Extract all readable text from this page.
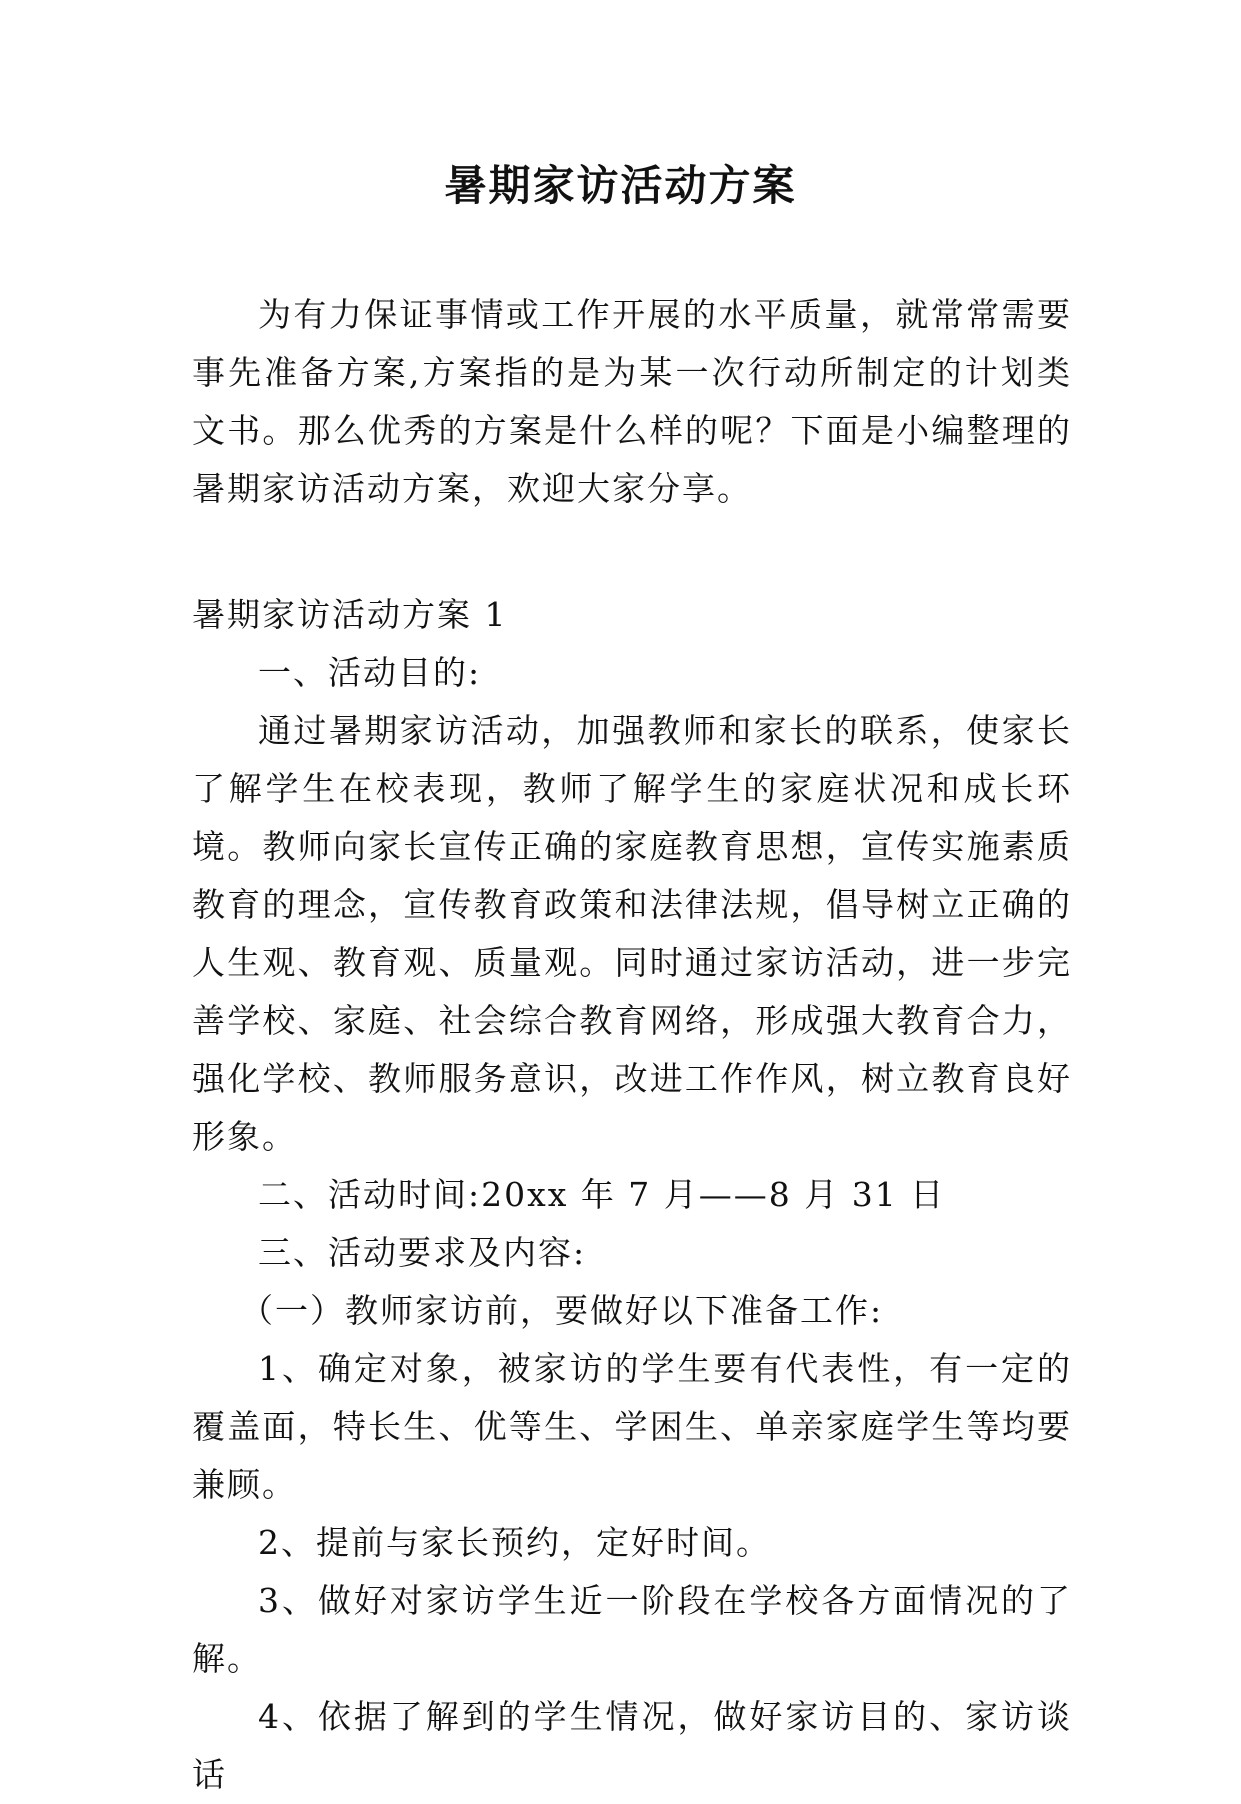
暑期家访活动方案

为有力保证事情或工作开展的水平质量，就常常需要事先准备方案,方案指的是为某一次行动所制定的计划类文书。那么优秀的方案是什么样的呢？下面是小编整理的暑期家访活动方案，欢迎大家分享。

暑期家访活动方案 1

一、活动目的:

通过暑期家访活动，加强教师和家长的联系，使家长了解学生在校表现，教师了解学生的家庭状况和成长环境。教师向家长宣传正确的家庭教育思想，宣传实施素质教育的理念，宣传教育政策和法律法规，倡导树立正确的人生观、教育观、质量观。同时通过家访活动，进一步完善学校、家庭、社会综合教育网络，形成强大教育合力，强化学校、教师服务意识，改进工作作风，树立教育良好形象。

二、活动时间:20xx 年 7 月——8 月 31 日

三、活动要求及内容:

（一）教师家访前，要做好以下准备工作:

1、确定对象，被家访的学生要有代表性，有一定的覆盖面，特长生、优等生、学困生、单亲家庭学生等均要兼顾。

2、提前与家长预约，定好时间。

3、做好对家访学生近一阶段在学校各方面情况的了解。

4、依据了解到的学生情况，做好家访目的、家访谈话
